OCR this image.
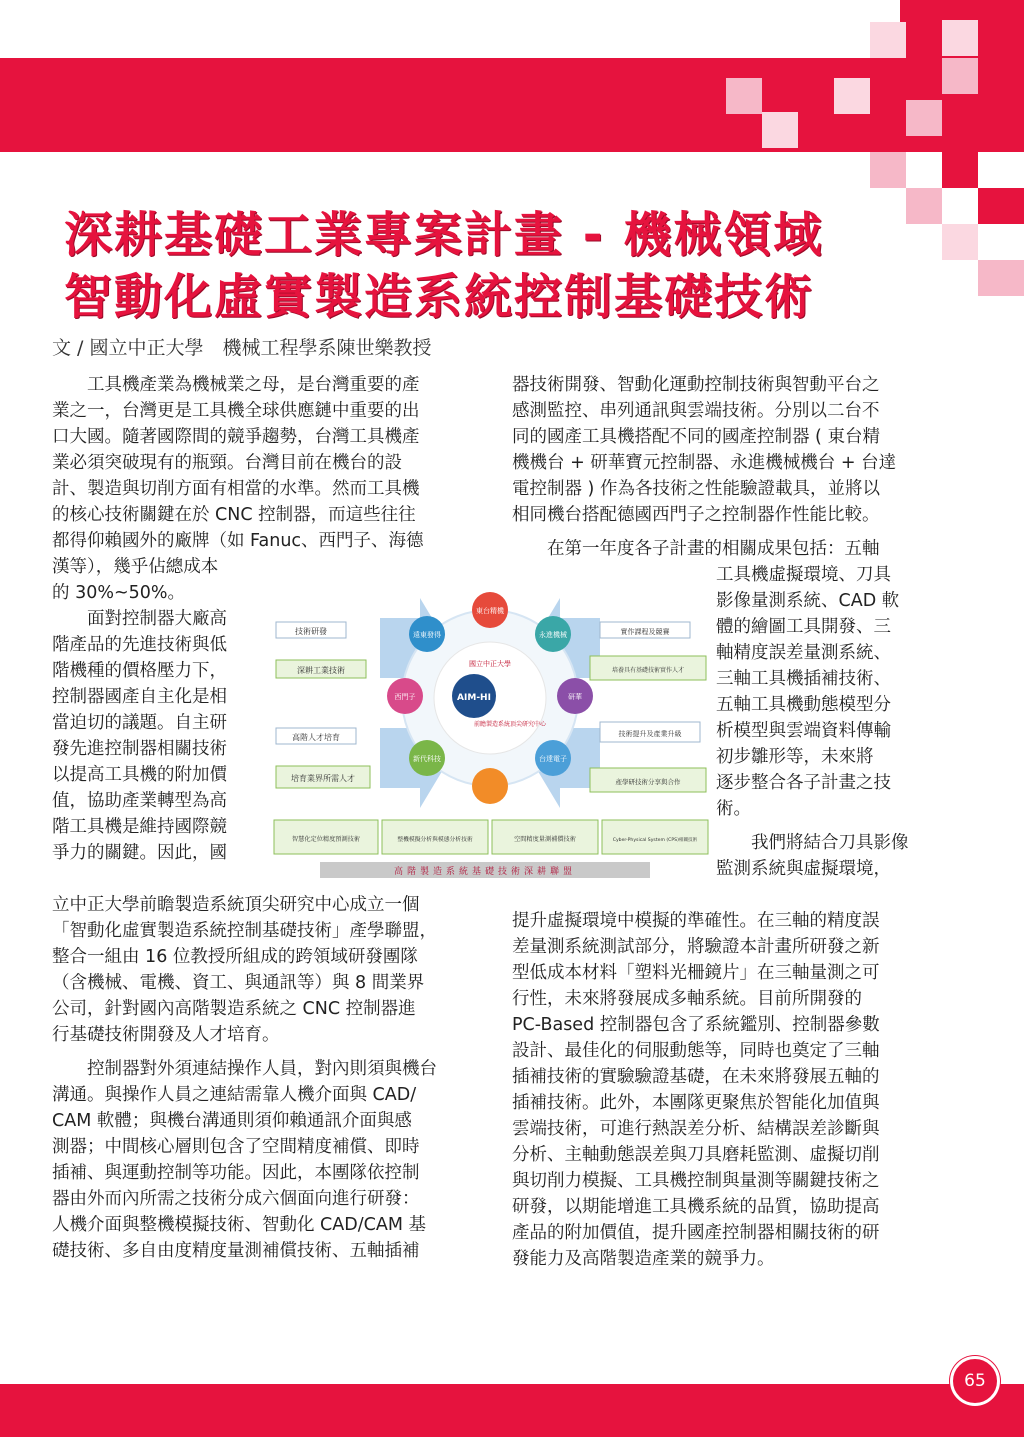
深耕基礎工業專案計畫 - 機械領域
智動化虛實製造系統控制基礎技術
文 / 國立中正大學　機械工程學系陳世樂教授
　　工具機產業為機械業之母，是台灣重要的產
業之一，台灣更是工具機全球供應鏈中重要的出
口大國。隨著國際間的競爭趨勢，台灣工具機產
業必須突破現有的瓶頸。台灣目前在機台的設
計、製造與切削方面有相當的水準。然而工具機
的核心技術關鍵在於 CNC 控制器，而這些往往
都得仰賴國外的廠牌（如 Fanuc、西門子、海德
漢等），幾乎佔總成本
的 30%~50%。
　　面對控制器大廠高
階產品的先進技術與低
階機種的價格壓力下，
控制器國產自主化是相
當迫切的議題。自主研
發先進控制器相關技術
以提高工具機的附加價
值，協助產業轉型為高
階工具機是維持國際競
爭力的關鍵。因此，國
立中正大學前瞻製造系統頂尖研究中心成立一個
「智動化虛實製造系統控制基礎技術」產學聯盟，
整合一組由 16 位教授所組成的跨領域研發團隊
（含機械、電機、資工、與通訊等）與 8 間業界
公司，針對國內高階製造系統之 CNC 控制器進
行基礎技術開發及人才培育。
　　控制器對外須連結操作人員，對內則須與機台
溝通。與操作人員之連結需靠人機介面與 CAD/
CAM 軟體；與機台溝通則須仰賴通訊介面與感
測器；中間核心層則包含了空間精度補償、即時
插補、與運動控制等功能。因此，本團隊依控制
器由外而內所需之技術分成六個面向進行研發：
人機介面與整機模擬技術、智動化 CAD/CAM 基
礎技術、多自由度精度量測補償技術、五軸插補
器技術開發、智動化運動控制技術與智動平台之
感測監控、串列通訊與雲端技術。分別以二台不
同的國產工具機搭配不同的國產控制器 ( 東台精
機機台 + 研華寶元控制器、永進機械機台 + 台達
電控制器 ) 作為各技術之性能驗證載具，並將以
相同機台搭配德國西門子之控制器作性能比較。
　　在第一年度各子計畫的相關成果包括：五軸
工具機虛擬環境、刀具
影像量測系統、CAD 軟
體的繪圖工具開發、三
軸精度誤差量測系統、
三軸工具機插補技術、
五軸工具機動態模型分
析模型與雲端資料傳輸
初步雛形等，未來將
逐步整合各子計畫之技
術。
　　我們將結合刀具影像
監測系統與虛擬環境，
提升虛擬環境中模擬的準確性。在三軸的精度誤
差量測系統測試部分，將驗證本計畫所研發之新
型低成本材料「塑料光柵鏡片」在三軸量測之可
行性，未來將發展成多軸系統。目前所開發的
PC-Based 控制器包含了系統鑑別、控制器參數
設計、最佳化的伺服動態等，同時也奠定了三軸
插補技術的實驗驗證基礎，在未來將發展五軸的
插補技術。此外，本團隊更聚焦於智能化加值與
雲端技術，可進行熱誤差分析、結構誤差診斷與
分析、主軸動態誤差與刀具磨耗監測、虛擬切削
與切削力模擬、工具機控制與量測等關鍵技術之
研發，以期能增進工具機系統的品質，協助提高
產品的附加價值，提升國產控制器相關技術的研
發能力及高階製造產業的競爭力。
東台精機
永進機械
研華
台達電子
新代科技
西門子
遠東發得
國立中正大學
AIM-HI
前瞻製造系統頂尖研究中心
技術研發
深耕工業技術
高階人才培育
培育業界所需人才
實作課程及競賽
培養具有基礎技術實作人才
技術提升及產業升級
產學研技術分享與合作
智慧化定位精度預測技術	整機模擬分析與模態分析技術	空間精度量測補償技術	Cyber-Physical System (CPS)相關技術
高階製造系統基礎技術深耕聯盟
65
